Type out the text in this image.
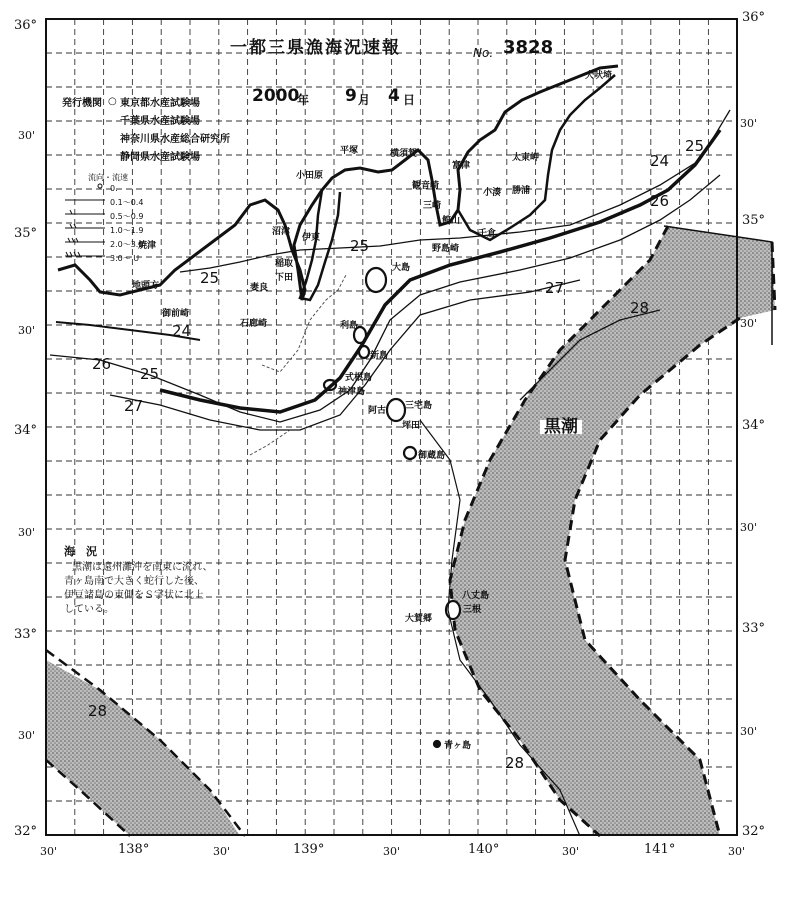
一都三県漁海況速報	No. 3828
2000
年 9 月 4 日
発行機関 ○ 東京都水産試験場
千葉県水産試験場
神奈川県水産総合研究所
静岡県水産試験場
流向・流速
0.
0.1〜0.4
0.5〜0.9
1.0〜1.9
2.0〜3.9
3.0〜 U
36°
30'
35°
30'
34°
30'
33°
30'
32°
36°
30'
35°
30'
34°
30'
33°
30'
32°
30'	138°	30'	139°	30'	140°	30'	141°	30'
犬吠埼
平塚	横須賀
富津
小田原
観音崎
三崎
館山
太東岬
小湊 勝浦
千倉
野島崎
焼津
沼津
伊東
稲取
下田
妻良
地頭方
御前崎
石廊崎
大島
利島
新島
式根島
神津島
阿古 三宅島
坪田
御蔵島
八丈島
三根
大賀郷
青ヶ島
25
24
26
25
25
24
26
25
27
27
28
28
28
黒潮
海　況
黒潮は遠州灘沖を南東に流れ、
青ヶ島南で大きく蛇行した後、
伊豆諸島の東側をＳ字状に北上
している。
